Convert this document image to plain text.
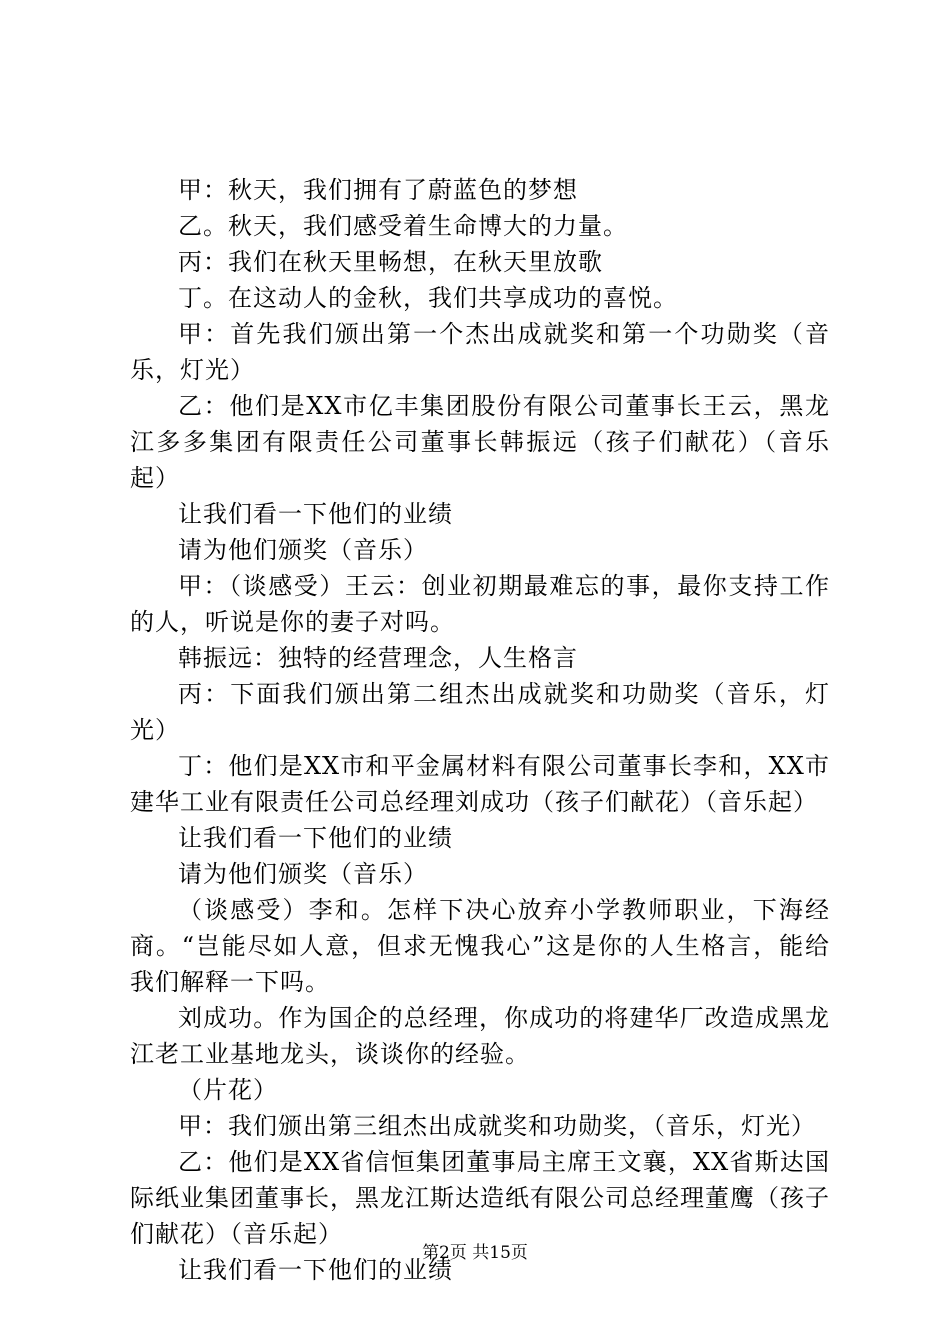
甲：秋天，我们拥有了蔚蓝色的梦想

乙。秋天，我们感受着生命博大的力量。

丙：我们在秋天里畅想，在秋天里放歌

丁。在这动人的金秋，我们共享成功的喜悦。

甲：首先我们颁出第一个杰出成就奖和第一个功勋奖（音乐，灯光）

乙：他们是XX市亿丰集团股份有限公司董事长王云，黑龙江多多集团有限责任公司董事长韩振远（孩子们献花）（音乐起）

让我们看一下他们的业绩

请为他们颁奖（音乐）

甲：（谈感受）王云：创业初期最难忘的事，最你支持工作的人，听说是你的妻子对吗。

韩振远：独特的经营理念，人生格言

丙：下面我们颁出第二组杰出成就奖和功勋奖（音乐，灯光）

丁：他们是XX市和平金属材料有限公司董事长李和，XX市建华工业有限责任公司总经理刘成功（孩子们献花）（音乐起）

让我们看一下他们的业绩

请为他们颁奖（音乐）

（谈感受）李和。怎样下决心放弃小学教师职业，下海经商。“岂能尽如人意，但求无愧我心”这是你的人生格言，能给我们解释一下吗。

刘成功。作为国企的总经理，你成功的将建华厂改造成黑龙江老工业基地龙头，谈谈你的经验。

（片花）

甲：我们颁出第三组杰出成就奖和功勋奖，（音乐，灯光）

乙：他们是XX省信恒集团董事局主席王文襄，XX省斯达国际纸业集团董事长，黑龙江斯达造纸有限公司总经理董鹰（孩子们献花）（音乐起）

让我们看一下他们的业绩

第2页 共15页
